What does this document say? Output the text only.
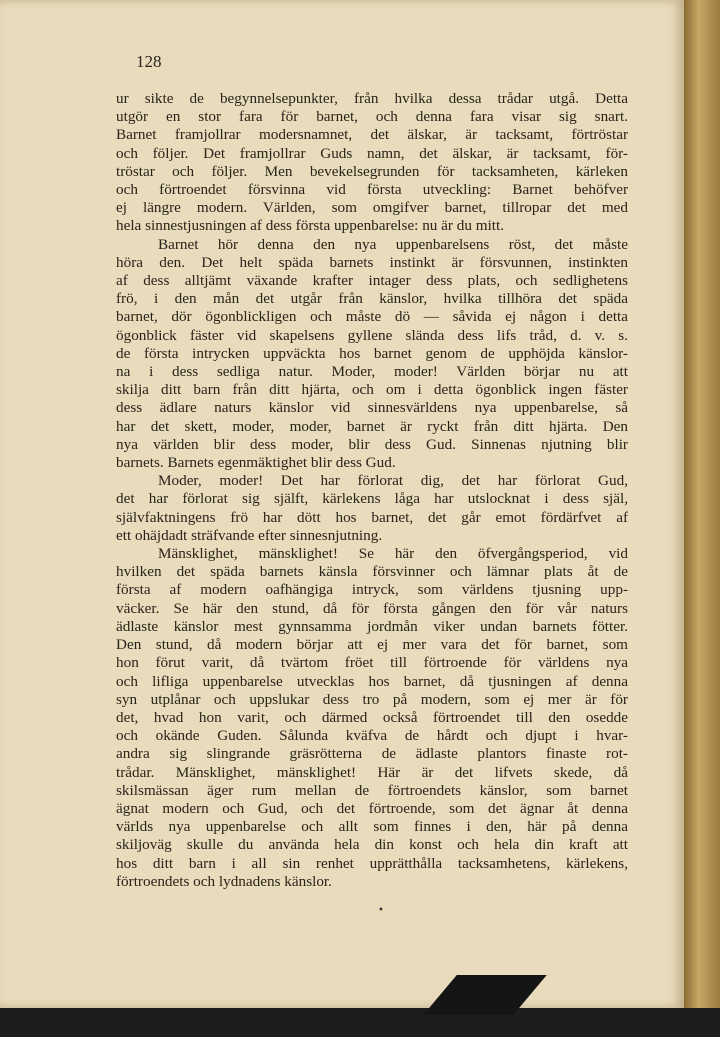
128
ur sikte de begynnelsepunkter, från hvilka dessa trådar utgå. Detta
utgör en stor fara för barnet, och denna fara visar sig snart.
Barnet framjollrar modersnamnet, det älskar, är tacksamt, förtröstar
och följer. Det framjollrar Guds namn, det älskar, är tacksamt, för-
tröstar och följer. Men bevekelsegrunden för tacksamheten, kärleken
och förtroendet försvinna vid första utveckling: Barnet behöfver
ej längre modern. Världen, som omgifver barnet, tillropar det med
hela sinnestjusningen af dess första uppenbarelse: nu är du mitt.
Barnet hör denna den nya uppenbarelsens röst, det måste
höra den. Det helt späda barnets instinkt är försvunnen, instinkten
af dess alltjämt växande krafter intager dess plats, och sedlighetens
frö, i den mån det utgår från känslor, hvilka tillhöra det späda
barnet, dör ögonblickligen och måste dö — såvida ej någon i detta
ögonblick fäster vid skapelsens gyllene slända dess lifs tråd, d. v. s.
de första intrycken uppväckta hos barnet genom de upphöjda känslor-
na i dess sedliga natur. Moder, moder! Världen börjar nu att
skilja ditt barn från ditt hjärta, och om i detta ögonblick ingen fäster
dess ädlare naturs känslor vid sinnesvärldens nya uppenbarelse, så
har det skett, moder, moder, barnet är ryckt från ditt hjärta. Den
nya världen blir dess moder, blir dess Gud. Sinnenas njutning blir
barnets. Barnets egenmäktighet blir dess Gud.
Moder, moder! Det har förlorat dig, det har förlorat Gud,
det har förlorat sig själft, kärlekens låga har utslocknat i dess själ,
självfaktningens frö har dött hos barnet, det går emot fördärfvet af
ett ohäjdadt sträfvande efter sinnesnjutning.
Mänsklighet, mänsklighet! Se här den öfvergångsperiod, vid
hvilken det späda barnets känsla försvinner och lämnar plats åt de
första af modern oafhängiga intryck, som världens tjusning upp-
väcker. Se här den stund, då för första gången den för vår naturs
ädlaste känslor mest gynnsamma jordmån viker undan barnets fötter.
Den stund, då modern börjar att ej mer vara det för barnet, som
hon förut varit, då tvärtom fröet till förtroende för världens nya
och lifliga uppenbarelse utvecklas hos barnet, då tjusningen af denna
syn utplånar och uppslukar dess tro på modern, som ej mer är för
det, hvad hon varit, och därmed också förtroendet till den osedde
och okände Guden. Sålunda kväfva de hårdt och djupt i hvar-
andra sig slingrande gräsrötterna de ädlaste plantors finaste rot-
trådar. Mänsklighet, mänsklighet! Här är det lifvets skede, då
skilsmässan äger rum mellan de förtroendets känslor, som barnet
ägnat modern och Gud, och det förtroende, som det ägnar åt denna
världs nya uppenbarelse och allt som finnes i den, här på denna
skiljoväg skulle du använda hela din konst och hela din kraft att
hos ditt barn i all sin renhet upprätthålla tacksamhetens, kärlekens,
förtroendets och lydnadens känslor.
•
